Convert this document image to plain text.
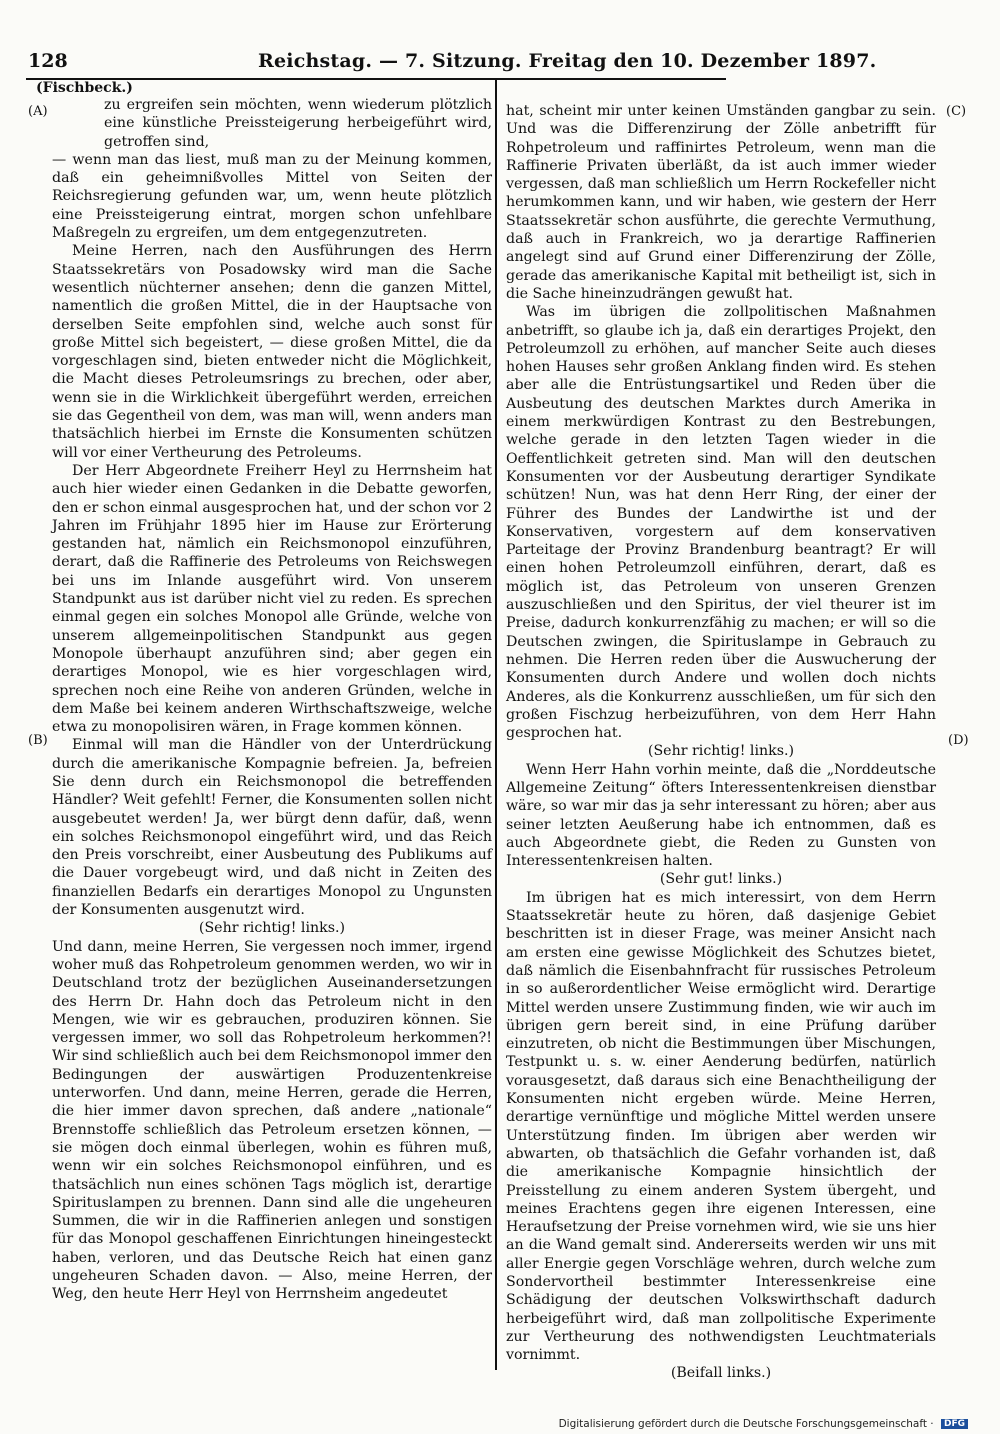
128	Reichstag. — 7. Sitzung. Freitag den 10. Dezember 1897.
(Fischbeck.)
(A)
(B)
(C)
(D)

zu ergreifen sein möchten, wenn wiederum plötzlich eine künstliche Preissteigerung herbeigeführt wird, getroffen sind,

— wenn man das liest, muß man zu der Meinung kommen, daß ein geheimnißvolles Mittel von Seiten der Reichsregierung gefunden war, um, wenn heute plötzlich eine Preissteigerung eintrat, morgen schon unfehlbare Maßregeln zu ergreifen, um dem entgegenzutreten.

Meine Herren, nach den Ausführungen des Herrn Staatssekretärs von Posadowsky wird man die Sache wesentlich nüchterner ansehen; denn die ganzen Mittel, namentlich die großen Mittel, die in der Hauptsache von derselben Seite empfohlen sind, welche auch sonst für große Mittel sich begeistert, — diese großen Mittel, die da vorgeschlagen sind, bieten entweder nicht die Möglichkeit, die Macht dieses Petroleumsrings zu brechen, oder aber, wenn sie in die Wirklichkeit übergeführt werden, erreichen sie das Gegentheil von dem, was man will, wenn anders man thatsächlich hierbei im Ernste die Konsumenten schützen will vor einer Vertheurung des Petroleums.

Der Herr Abgeordnete Freiherr Heyl zu Herrnsheim hat auch hier wieder einen Gedanken in die Debatte geworfen, den er schon einmal ausgesprochen hat, und der schon vor 2 Jahren im Frühjahr 1895 hier im Hause zur Erörterung gestanden hat, nämlich ein Reichsmonopol einzuführen, derart, daß die Raffinerie des Petroleums von Reichswegen bei uns im Inlande ausgeführt wird. Von unserem Standpunkt aus ist darüber nicht viel zu reden. Es sprechen einmal gegen ein solches Monopol alle Gründe, welche von unserem allgemeinpolitischen Standpunkt aus gegen Monopole überhaupt anzuführen sind; aber gegen ein derartiges Monopol, wie es hier vorgeschlagen wird, sprechen noch eine Reihe von anderen Gründen, welche in dem Maße bei keinem anderen Wirthschaftszweige, welche etwa zu monopolisiren wären, in Frage kommen können.

Einmal will man die Händler von der Unterdrückung durch die amerikanische Kompagnie befreien. Ja, befreien Sie denn durch ein Reichsmonopol die betreffenden Händler? Weit gefehlt! Ferner, die Konsumenten sollen nicht ausgebeutet werden! Ja, wer bürgt denn dafür, daß, wenn ein solches Reichsmonopol eingeführt wird, und das Reich den Preis vorschreibt, einer Ausbeutung des Publikums auf die Dauer vorgebeugt wird, und daß nicht in Zeiten des finanziellen Bedarfs ein derartiges Monopol zu Ungunsten der Konsumenten ausgenutzt wird.

(Sehr richtig! links.)

Und dann, meine Herren, Sie vergessen noch immer, irgend woher muß das Rohpetroleum genommen werden, wo wir in Deutschland trotz der bezüglichen Auseinandersetzungen des Herrn Dr. Hahn doch das Petroleum nicht in den Mengen, wie wir es gebrauchen, produziren können. Sie vergessen immer, wo soll das Rohpetroleum herkommen?! Wir sind schließlich auch bei dem Reichsmonopol immer den Bedingungen der auswärtigen Produzentenkreise unterworfen. Und dann, meine Herren, gerade die Herren, die hier immer davon sprechen, daß andere „nationale“ Brennstoffe schließlich das Petroleum ersetzen können, — sie mögen doch einmal überlegen, wohin es führen muß, wenn wir ein solches Reichsmonopol einführen, und es thatsächlich nun eines schönen Tags möglich ist, derartige Spirituslampen zu brennen. Dann sind alle die ungeheuren Summen, die wir in die Raffinerien anlegen und sonstigen für das Monopol geschaffenen Einrichtungen hineingesteckt haben, verloren, und das Deutsche Reich hat einen ganz ungeheuren Schaden davon. — Also, meine Herren, der Weg, den heute Herr Heyl von Herrnsheim angedeutet

hat, scheint mir unter keinen Umständen gangbar zu sein. Und was die Differenzirung der Zölle anbetrifft für Rohpetroleum und raffinirtes Petroleum, wenn man die Raffinerie Privaten überläßt, da ist auch immer wieder vergessen, daß man schließlich um Herrn Rockefeller nicht herumkommen kann, und wir haben, wie gestern der Herr Staatssekretär schon ausführte, die gerechte Vermuthung, daß auch in Frankreich, wo ja derartige Raffinerien angelegt sind auf Grund einer Differenzirung der Zölle, gerade das amerikanische Kapital mit betheiligt ist, sich in die Sache hineinzudrängen gewußt hat.

Was im übrigen die zollpolitischen Maßnahmen anbetrifft, so glaube ich ja, daß ein derartiges Projekt, den Petroleumzoll zu erhöhen, auf mancher Seite auch dieses hohen Hauses sehr großen Anklang finden wird. Es stehen aber alle die Entrüstungsartikel und Reden über die Ausbeutung des deutschen Marktes durch Amerika in einem merkwürdigen Kontrast zu den Bestrebungen, welche gerade in den letzten Tagen wieder in die Oeffentlichkeit getreten sind. Man will den deutschen Konsumenten vor der Ausbeutung derartiger Syndikate schützen! Nun, was hat denn Herr Ring, der einer der Führer des Bundes der Landwirthe ist und der Konservativen, vorgestern auf dem konservativen Parteitage der Provinz Brandenburg beantragt? Er will einen hohen Petroleumzoll einführen, derart, daß es möglich ist, das Petroleum von unseren Grenzen auszuschließen und den Spiritus, der viel theurer ist im Preise, dadurch konkurrenzfähig zu machen; er will so die Deutschen zwingen, die Spirituslampe in Gebrauch zu nehmen. Die Herren reden über die Auswucherung der Konsumenten durch Andere und wollen doch nichts Anderes, als die Konkurrenz ausschließen, um für sich den großen Fischzug herbeizuführen, von dem Herr Hahn gesprochen hat.

(Sehr richtig! links.)

Wenn Herr Hahn vorhin meinte, daß die „Norddeutsche Allgemeine Zeitung“ öfters Interessentenkreisen dienstbar wäre, so war mir das ja sehr interessant zu hören; aber aus seiner letzten Aeußerung habe ich entnommen, daß es auch Abgeordnete giebt, die Reden zu Gunsten von Interessentenkreisen halten.

(Sehr gut! links.)

Im übrigen hat es mich interessirt, von dem Herrn Staatssekretär heute zu hören, daß dasjenige Gebiet beschritten ist in dieser Frage, was meiner Ansicht nach am ersten eine gewisse Möglichkeit des Schutzes bietet, daß nämlich die Eisenbahnfracht für russisches Petroleum in so außerordentlicher Weise ermöglicht wird. Derartige Mittel werden unsere Zustimmung finden, wie wir auch im übrigen gern bereit sind, in eine Prüfung darüber einzutreten, ob nicht die Bestimmungen über Mischungen, Testpunkt u. s. w. einer Aenderung bedürfen, natürlich vorausgesetzt, daß daraus sich eine Benachtheiligung der Konsumenten nicht ergeben würde. Meine Herren, derartige vernünftige und mögliche Mittel werden unsere Unterstützung finden. Im übrigen aber werden wir abwarten, ob thatsächlich die Gefahr vorhanden ist, daß die amerikanische Kompagnie hinsichtlich der Preisstellung zu einem anderen System übergeht, und meines Erachtens gegen ihre eigenen Interessen, eine Heraufsetzung der Preise vornehmen wird, wie sie uns hier an die Wand gemalt sind. Andererseits werden wir uns mit aller Energie gegen Vorschläge wehren, durch welche zum Sondervortheil bestimmter Interessenkreise eine Schädigung der deutschen Volkswirthschaft dadurch herbeigeführt wird, daß man zollpolitische Experimente zur Vertheurung des nothwendigsten Leuchtmaterials vornimmt.

(Beifall links.)

Digitalisierung gefördert durch die Deutsche Forschungsgemeinschaft · DFG
